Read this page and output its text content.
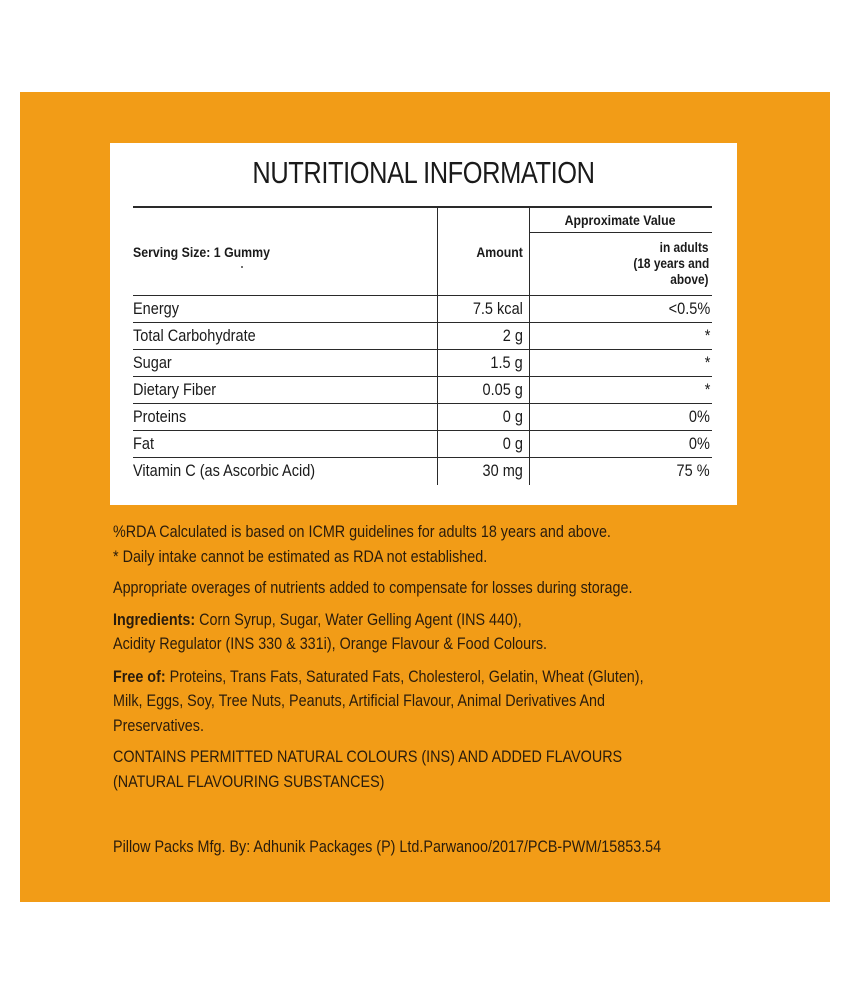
NUTRITIONAL INFORMATION
Serving Size: 1 Gummy	Amount	Approximate Value

		in adults
(18 years and
above)

Energy	7.5 kcal	<0.5%
Total Carbohydrate	2 g	*
Sugar	1.5 g	*
Dietary Fiber	0.05 g	*
Proteins	0 g	0%
Fat	0 g	0%
Vitamin C (as Ascorbic Acid)	30 mg	75 %

%RDA Calculated is based on ICMR guidelines for adults 18 years and above.

* Daily intake cannot be estimated as RDA not established.

Appropriate overages of nutrients added to compensate for losses during storage.

Ingredients: Corn Syrup, Sugar, Water Gelling Agent (INS 440),

Acidity Regulator (INS 330 & 331i), Orange Flavour & Food Colours.

Free of: Proteins, Trans Fats, Saturated Fats, Cholesterol, Gelatin, Wheat (Gluten),

Milk, Eggs, Soy, Tree Nuts, Peanuts, Artificial Flavour, Animal Derivatives And

Preservatives.

CONTAINS PERMITTED NATURAL COLOURS (INS) AND ADDED FLAVOURS

(NATURAL FLAVOURING SUBSTANCES)

Pillow Packs Mfg. By: Adhunik Packages (P) Ltd.Parwanoo/2017/PCB-PWM/15853.54
